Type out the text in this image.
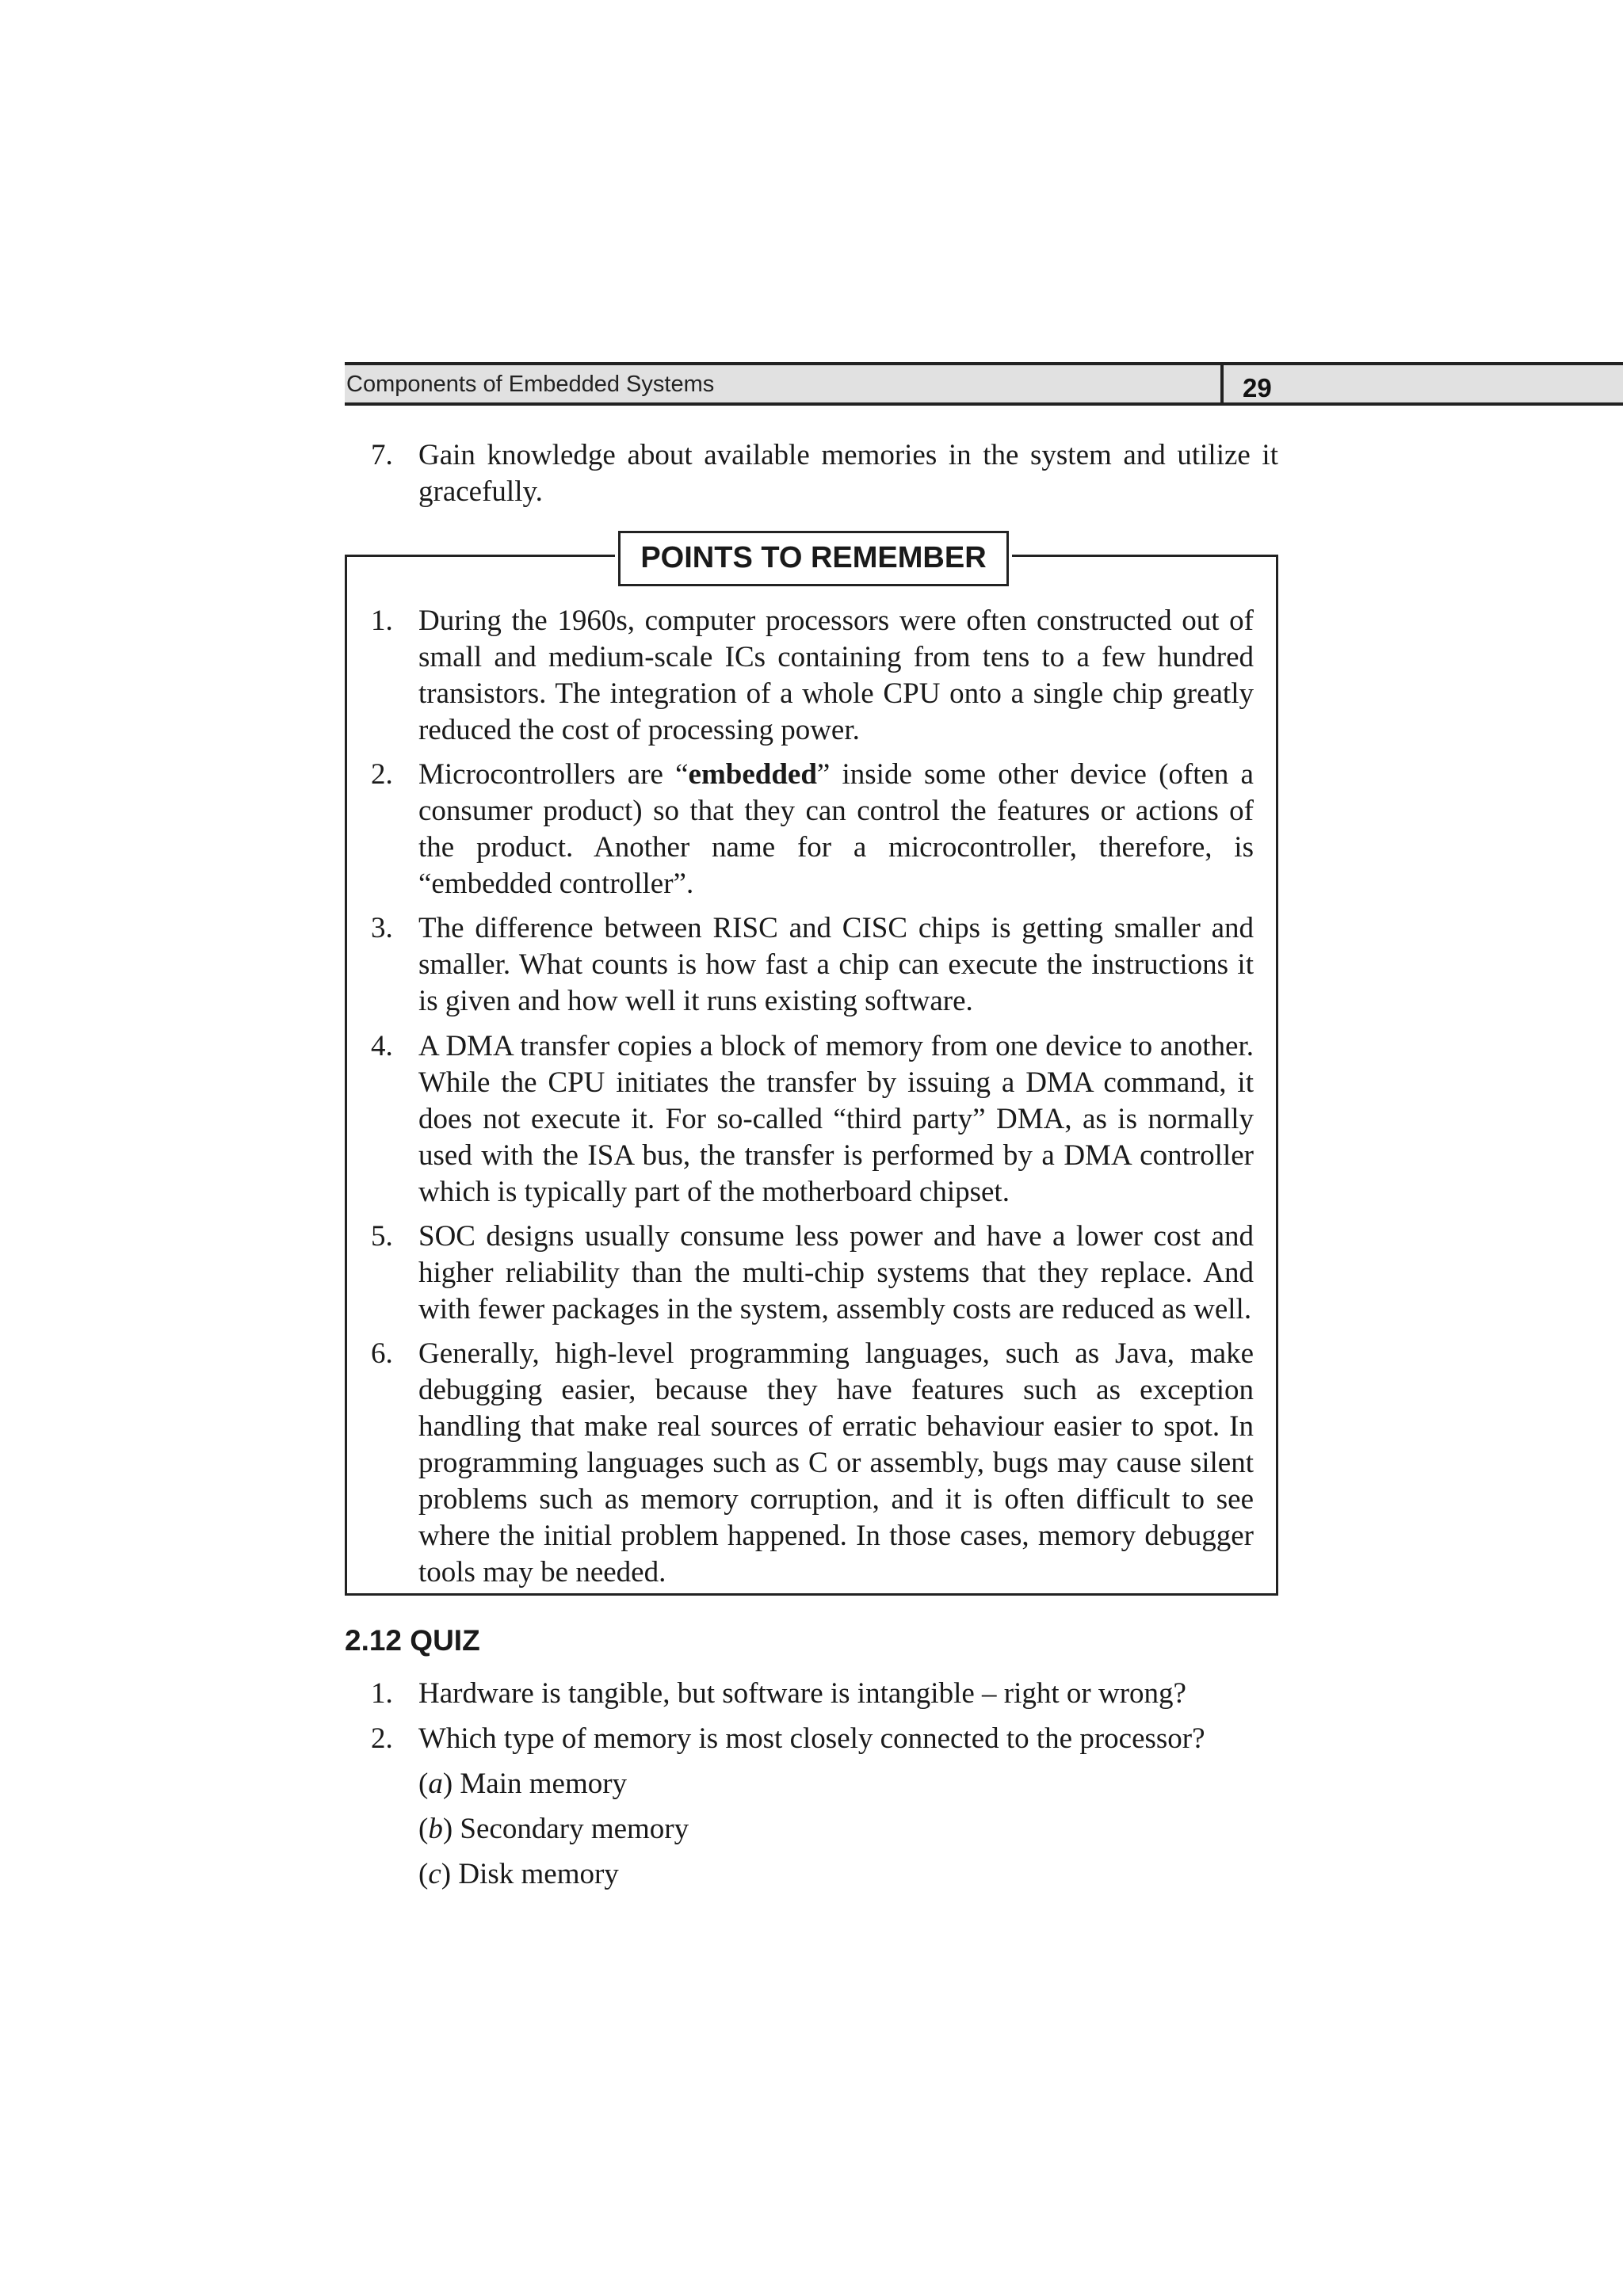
Components of Embedded Systems	29
7. Gain knowledge about available memories in the system and utilize it gracefully.
POINTS TO REMEMBER
1. During the 1960s, computer processors were often constructed out of small and medium-scale ICs containing from tens to a few hundred transistors. The integration of a whole CPU onto a single chip greatly reduced the cost of processing power.
2. Microcontrollers are “embedded” inside some other device (often a consumer product) so that they can control the features or actions of the product. Another name for a microcontroller, therefore, is “embedded controller”.
3. The difference between RISC and CISC chips is getting smaller and smaller. What counts is how fast a chip can execute the instructions it is given and how well it runs existing software.
4. A DMA transfer copies a block of memory from one device to another. While the CPU initiates the transfer by issuing a DMA command, it does not execute it. For so-called “third party” DMA, as is normally used with the ISA bus, the transfer is performed by a DMA controller which is typically part of the motherboard chipset.
5. SOC designs usually consume less power and have a lower cost and higher reliability than the multi-chip systems that they replace. And with fewer packages in the system, assembly costs are reduced as well.
6. Generally, high-level programming languages, such as Java, make debugging easier, because they have features such as exception handling that make real sources of erratic behaviour easier to spot. In programming languages such as C or assembly, bugs may cause silent problems such as memory corruption, and it is often difficult to see where the initial problem happened. In those cases, memory debugger tools may be needed.
2.12 QUIZ
1. Hardware is tangible, but software is intangible – right or wrong?
2. Which type of memory is most closely connected to the processor?
(a) Main memory
(b) Secondary memory
(c) Disk memory
